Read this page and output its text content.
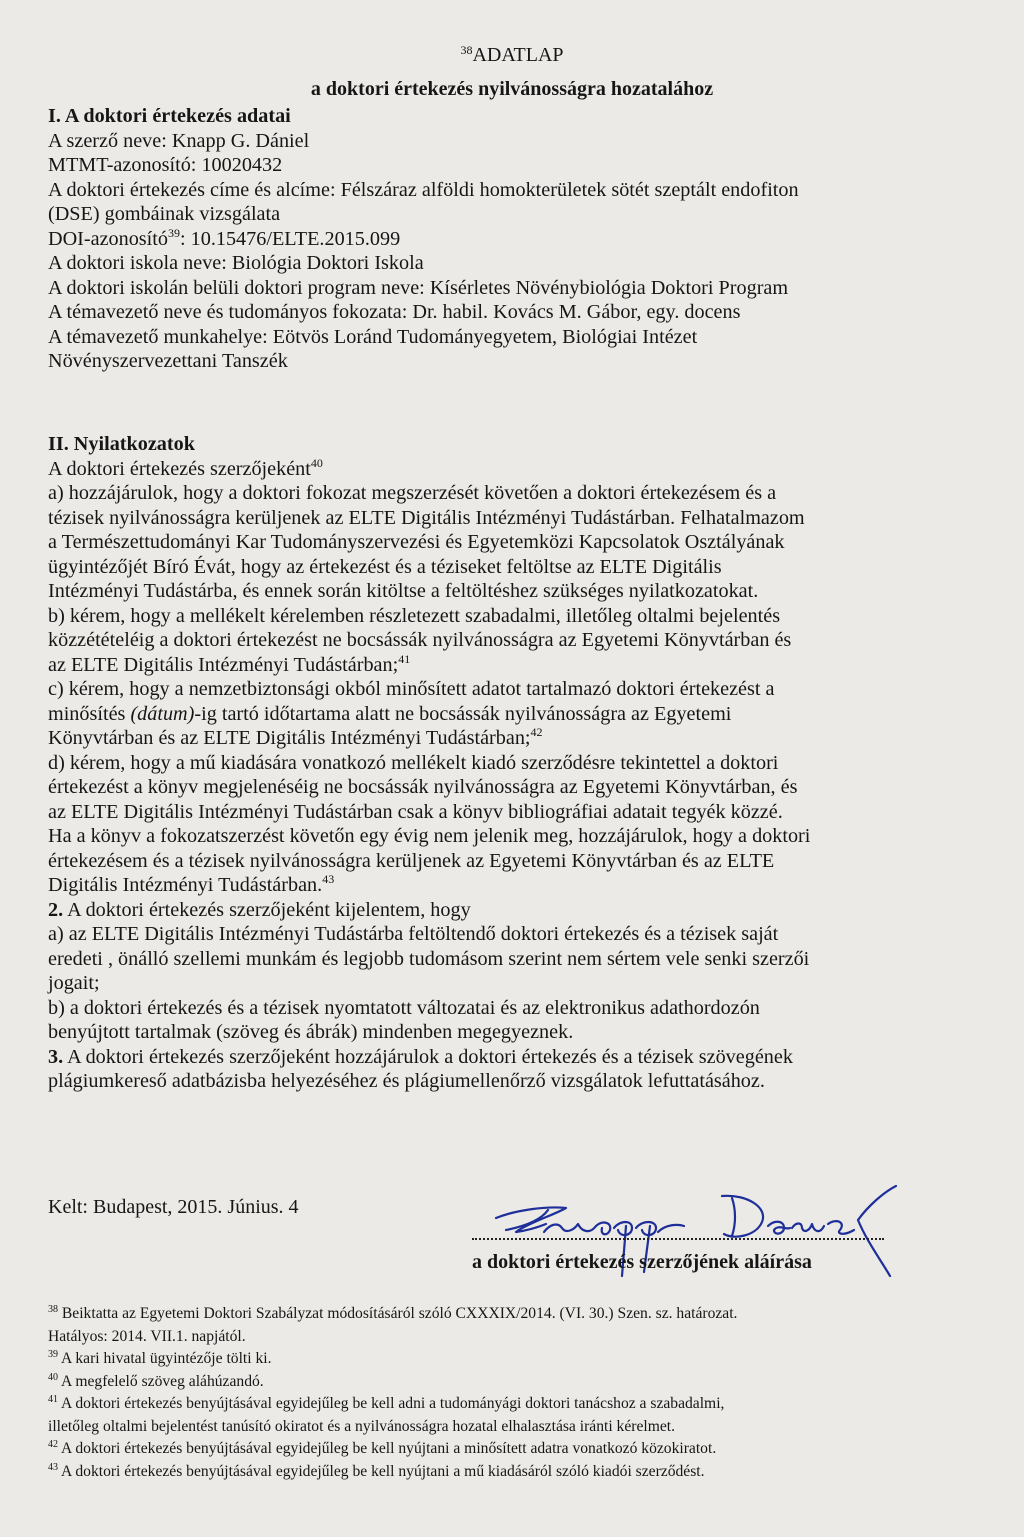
$^{38}$ADATLAP
a doktori értekezés nyilvánosságra hozatalához

I. A doktori értekezés adatai

A szerző neve: Knapp G. Dániel

MTMT-azonosító: 10020432

A doktori értekezés címe és alcíme: Félszáraz alföldi homokterületek sötét szeptált endofiton

(DSE) gombáinak vizsgálata

DOI-azonosító$^{39}$: 10.15476/ELTE.2015.099

A doktori iskola neve: Biológia Doktori Iskola

A doktori iskolán belüli doktori program neve: Kísérletes Növénybiológia Doktori Program

A témavezető neve és tudományos fokozata: Dr. habil. Kovács M. Gábor, egy. docens

A témavezető munkahelye: Eötvös Loránd Tudományegyetem, Biológiai Intézet

Növényszervezettani Tanszék

II. Nyilatkozatok

A doktori értekezés szerzőjeként$^{40}$

a) hozzájárulok, hogy a doktori fokozat megszerzését követően a doktori értekezésem és a

tézisek nyilvánosságra kerüljenek az ELTE Digitális Intézményi Tudástárban. Felhatalmazom

a Természettudományi Kar Tudományszervezési és Egyetemközi Kapcsolatok Osztályának

ügyintézőjét Bíró Évát, hogy az értekezést és a téziseket feltöltse az ELTE Digitális

Intézményi Tudástárba, és ennek során kitöltse a feltöltéshez szükséges nyilatkozatokat.

b) kérem, hogy a mellékelt kérelemben részletezett szabadalmi, illetőleg oltalmi bejelentés

közzétételéig a doktori értekezést ne bocsássák nyilvánosságra az Egyetemi Könyvtárban és

az ELTE Digitális Intézményi Tudástárban;$^{41}$

c) kérem, hogy a nemzetbiztonsági okból minősített adatot tartalmazó doktori értekezést a

minősítés (dátum)-ig tartó időtartama alatt ne bocsássák nyilvánosságra az Egyetemi

Könyvtárban és az ELTE Digitális Intézményi Tudástárban;$^{42}$

d) kérem, hogy a mű kiadására vonatkozó mellékelt kiadó szerződésre tekintettel a doktori

értekezést a könyv megjelenéséig ne bocsássák nyilvánosságra az Egyetemi Könyvtárban, és

az ELTE Digitális Intézményi Tudástárban csak a könyv bibliográfiai adatait tegyék közzé.

Ha a könyv a fokozatszerzést követőn egy évig nem jelenik meg, hozzájárulok, hogy a doktori

értekezésem és a tézisek nyilvánosságra kerüljenek az Egyetemi Könyvtárban és az ELTE

Digitális Intézményi Tudástárban.$^{43}$

2. A doktori értekezés szerzőjeként kijelentem, hogy

a) az ELTE Digitális Intézményi Tudástárba feltöltendő doktori értekezés és a tézisek saját

eredeti , önálló szellemi munkám és legjobb tudomásom szerint nem sértem vele senki szerzői

jogait;

b) a doktori értekezés és a tézisek nyomtatott változatai és az elektronikus adathordozón

benyújtott tartalmak (szöveg és ábrák) mindenben megegyeznek.

3. A doktori értekezés szerzőjeként hozzájárulok a doktori értekezés és a tézisek szövegének

plágiumkereső adatbázisba helyezéséhez és plágiumellenőrző vizsgálatok lefuttatásához.

Kelt: Budapest, 2015. Június. 4
a doktori értekezés szerzőjének aláírása

$^{38}$ Beiktatta az Egyetemi Doktori Szabályzat módosításáról szóló CXXXIX/2014. (VI. 30.) Szen. sz. határozat.

Hatályos: 2014. VII.1. napjától.

$^{39}$ A kari hivatal ügyintézője tölti ki.

$^{40}$ A megfelelő szöveg aláhúzandó.

$^{41}$ A doktori értekezés benyújtásával egyidejűleg be kell adni a tudományági doktori tanácshoz a szabadalmi,

illetőleg oltalmi bejelentést tanúsító okiratot és a nyilvánosságra hozatal elhalasztása iránti kérelmet.

$^{42}$ A doktori értekezés benyújtásával egyidejűleg be kell nyújtani a minősített adatra vonatkozó közokiratot.

$^{43}$ A doktori értekezés benyújtásával egyidejűleg be kell nyújtani a mű kiadásáról szóló kiadói szerződést.
